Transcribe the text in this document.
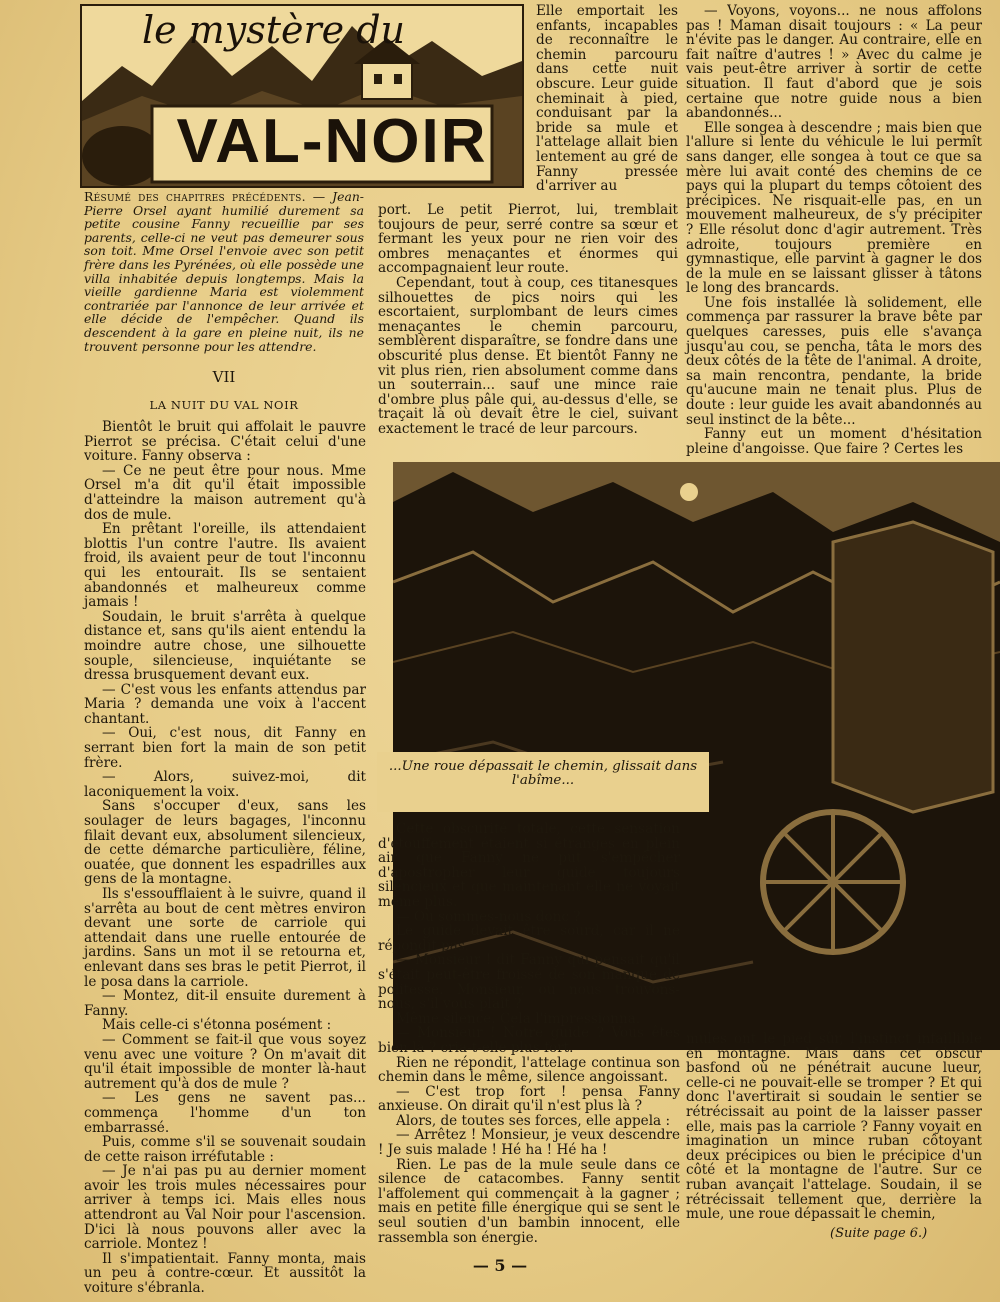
le mystère du
VAL-NOIR
Résumé des chapitres précédents. — Jean-Pierre Orsel ayant humilié durement sa petite cousine Fanny recueillie par ses parents, celle-ci ne veut pas demeurer sous son toit. Mme Orsel l'envoie avec son petit frère dans les Pyrénées, où elle possède une villa inhabitée depuis longtemps. Mais la vieille gardienne Maria est violemment contrariée par l'annonce de leur arrivée et elle décide de l'empêcher. Quand ils descendent à la gare en pleine nuit, ils ne trouvent personne pour les attendre.
VII
LA NUIT DU VAL NOIR

Bientôt le bruit qui affolait le pauvre Pierrot se précisa. C'était celui d'une voiture. Fanny observa :

— Ce ne peut être pour nous. Mme Orsel m'a dit qu'il était impossible d'atteindre la maison autrement qu'à dos de mule.

En prêtant l'oreille, ils attendaient blottis l'un contre l'autre. Ils avaient froid, ils avaient peur de tout l'inconnu qui les entourait. Ils se sentaient abandonnés et malheureux comme jamais !

Soudain, le bruit s'arrêta à quelque distance et, sans qu'ils aient entendu la moindre autre chose, une silhouette souple, silencieuse, inquiétante se dressa brusquement devant eux.

— C'est vous les enfants attendus par Maria ? demanda une voix à l'accent chantant.

— Oui, c'est nous, dit Fanny en serrant bien fort la main de son petit frère.

— Alors, suivez-moi, dit laconiquement la voix.

Sans s'occuper d'eux, sans les soulager de leurs bagages, l'inconnu filait devant eux, absolument silencieux, de cette démarche particulière, féline, ouatée, que donnent les espadrilles aux gens de la montagne.

Ils s'essoufflaient à le suivre, quand il s'arrêta au bout de cent mètres environ devant une sorte de carriole qui attendait dans une ruelle entourée de jardins. Sans un mot il se retourna et, enlevant dans ses bras le petit Pierrot, il le posa dans la carriole.

— Montez, dit-il ensuite durement à Fanny.

Mais celle-ci s'étonna posément :

— Comment se fait-il que vous soyez venu avec une voiture ? On m'avait dit qu'il était impossible de monter là-haut autrement qu'à dos de mule ?

— Les gens ne savent pas... commença l'homme d'un ton embarrassé.

Puis, comme s'il se souvenait soudain de cette raison irréfutable :

— Je n'ai pas pu au dernier moment avoir les trois mules nécessaires pour arriver à temps ici. Mais elles nous attendront au Val Noir pour l'ascension. D'ici là nous pouvons aller avec la carriole. Montez !

Il s'impatientait. Fanny monta, mais un peu à contre-cœur. Et aussitôt la voiture s'ébranla.

Elle emportait les enfants, incapables de reconnaître le chemin parcouru dans cette nuit obscure. Leur guide cheminait à pied, conduisant par la bride sa mule et l'attelage allait bien lentement au gré de Fanny pressée d'arriver au

port. Le petit Pierrot, lui, tremblait toujours de peur, serré contre sa sœur et fermant les yeux pour ne rien voir des ombres menaçantes et énormes qui accompagnaient leur route.

Cependant, tout à coup, ces titanesques silhouettes de pics noirs qui les escortaient, surplombant de leurs cimes menaçantes le chemin parcouru, semblèrent disparaître, se fondre dans une obscurité plus dense. Et bientôt Fanny ne vit plus rien, rien absolument comme dans un souterrain... sauf une mince raie d'ombre plus pâle qui, au-dessus d'elle, se traçait là où devait être le ciel, suivant exactement le tracé de leur parcours.

— Voyons, voyons... ne nous affolons pas ! Maman disait toujours : « La peur n'évite pas le danger. Au contraire, elle en fait naître d'autres ! » Avec du calme je vais peut-être arriver à sortir de cette situation. Il faut d'abord que je sois certaine que notre guide nous a bien abandonnés...

Elle songea à descendre ; mais bien que l'allure si lente du véhicule le lui permît sans danger, elle songea à tout ce que sa mère lui avait conté des chemins de ce pays qui la plupart du temps côtoient des précipices. Ne risquait-elle pas, en un mouvement malheureux, de s'y précipiter ? Elle résolut donc d'agir autrement. Très adroite, toujours première en gymnastique, elle parvint à gagner le dos de la mule en se laissant glisser à tâtons le long des brancards.

Une fois installée là solidement, elle commença par rassurer la brave bête par quelques caresses, puis elle s'avança jusqu'au cou, se pencha, tâta le mors des deux côtés de la tête de l'animal. A droite, sa main rencontra, pendante, la bride qu'aucune main ne tenait plus. Plus de doute : leur guide les avait abandonnés au seul instinct de la bête...

Fanny eut un moment d'hésitation pleine d'angoisse. Que faire ? Certes les

...Une roue dépassait le chemin, glissait dans l'abîme...

Cette obscurité totale, cette sensation d'étouffement étaient si étranges en plein air que Fanny ne put s'empêcher d'apostropher leur guide toujours silencieux et que maintenant elle ne voyait même plus.

— Où sommes-nous donc ?

Le guide devait être sourd, car il ne répondit pas.

— Monsieur ! dit Fanny qui pensait qu'il s'était peut-être froissé de son manque de politesse. Monsieur, où nous trouvons-nous, s'il vous plaît ?

Même silence. Cela l'impressionna.

— Monsieur ! Notre guide ? Vous êtes bien là ? cria-t-elle plus fort.

Rien ne répondit, l'attelage continua son chemin dans le même, silence angoissant.

— C'est trop fort ! pensa Fanny anxieuse. On dirait qu'il n'est plus là ?

Alors, de toutes ses forces, elle appela :

— Arrêtez ! Monsieur, je veux descendre ! Je suis malade ! Hé ha ! Hé ha !

Rien. Le pas de la mule seule dans ce silence de catacombes. Fanny sentit l'affolement qui commençait à la gagner ; mais en petite fille énergique qui se sent le seul soutien d'un bambin innocent, elle rassembla son énergie.

mules ont le pied sûr, l'instinct infaillible en montagne. Mais dans cet obscur basfond où ne pénétrait aucune lueur, celle-ci ne pouvait-elle se tromper ? Et qui donc l'avertirait si soudain le sentier se rétrécissait au point de la laisser passer elle, mais pas la carriole ? Fanny voyait en imagination un mince ruban côtoyant deux précipices ou bien le précipice d'un côté et la montagne de l'autre. Sur ce ruban avançait l'attelage. Soudain, il se rétrécissait tellement que, derrière la mule, une roue dépassait le chemin,

(Suite page 6.)
— 5 —
